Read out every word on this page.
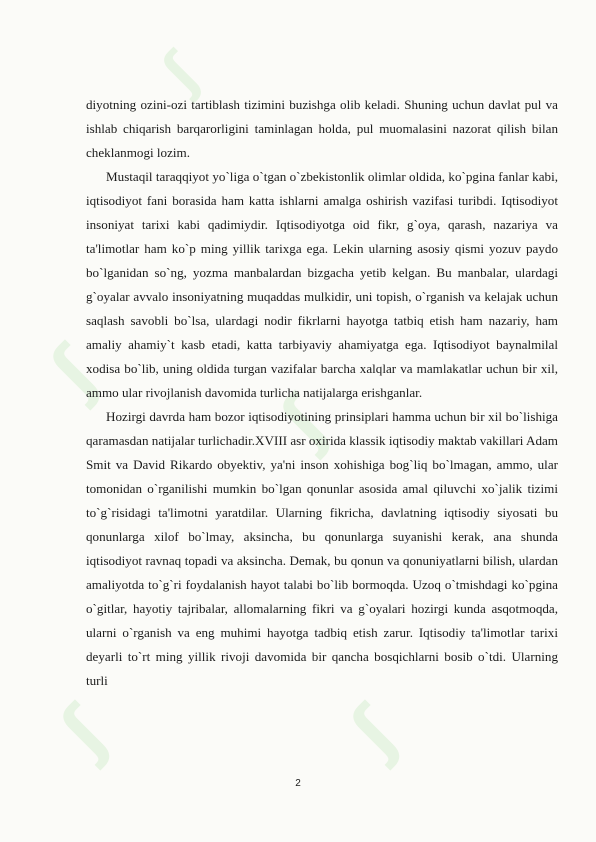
ʃ
ʃ
ʃ
ʃ	ʃ

diyotning ozini-ozi tartiblash tizimini buzishga olib keladi. Shuning uchun davlat pul va ishlab chiqarish barqarorligini taminlagan holda, pul muomalasini nazorat qilish bilan cheklanmogi lozim.

Mustaqil taraqqiyot yo`liga o`tgan o`zbekistonlik olimlar oldida, ko`pgina fanlar kabi, iqtisodiyot fani borasida ham katta ishlarni amalga oshirish vazifasi turibdi. Iqtisodiyot insoniyat tarixi kabi qadimiydir. Iqtisodiyotga oid fikr, g`oya, qarash, nazariya va ta'limotlar ham ko`p ming yillik tarixga ega. Lekin ularning asosiy qismi yozuv paydo bo`lganidan so`ng, yozma manbalardan bizgacha yetib kelgan. Bu manbalar, ulardagi g`oyalar avvalo insoniyatning muqaddas mulkidir, uni topish, o`rganish va kelajak uchun saqlash savobli bo`lsa, ulardagi nodir fikrlarni hayotga tatbiq etish ham nazariy, ham amaliy ahamiy`t kasb etadi, katta tarbiyaviy ahamiyatga ega. Iqtisodiyot baynalmilal xodisa bo`lib, uning oldida turgan vazifalar barcha xalqlar va mamlakatlar uchun bir xil, ammo ular rivojlanish davomida turlicha natijalarga erishganlar.

Hozirgi davrda ham bozor iqtisodiyotining prinsiplari hamma uchun bir xil bo`lishiga qaramasdan natijalar turlichadir.XVIII asr oxirida klassik iqtisodiy maktab vakillari Adam Smit va David Rikardo obyektiv, ya'ni inson xohishiga bog`liq bo`lmagan, ammo, ular tomonidan o`rganilishi mumkin bo`lgan qonunlar asosida amal qiluvchi xo`jalik tizimi to`g`risidagi ta'limotni yaratdilar. Ularning fikricha, davlatning iqtisodiy siyosati bu qonunlarga xilof bo`lmay, aksincha, bu qonunlarga suyanishi kerak, ana shunda iqtisodiyot ravnaq topadi va aksincha. Demak, bu qonun va qonuniyatlarni bilish, ulardan amaliyotda to`g`ri foydalanish hayot talabi bo`lib bormoqda. Uzoq o`tmishdagi ko`pgina o`gitlar, hayotiy tajribalar, allomalarning fikri va g`oyalari hozirgi kunda asqotmoqda, ularni o`rganish va eng muhimi hayotga tadbiq etish zarur. Iqtisodiy ta'limotlar tarixi deyarli to`rt ming yillik rivoji davomida bir qancha bosqichlarni bosib o`tdi. Ularning turli

2
